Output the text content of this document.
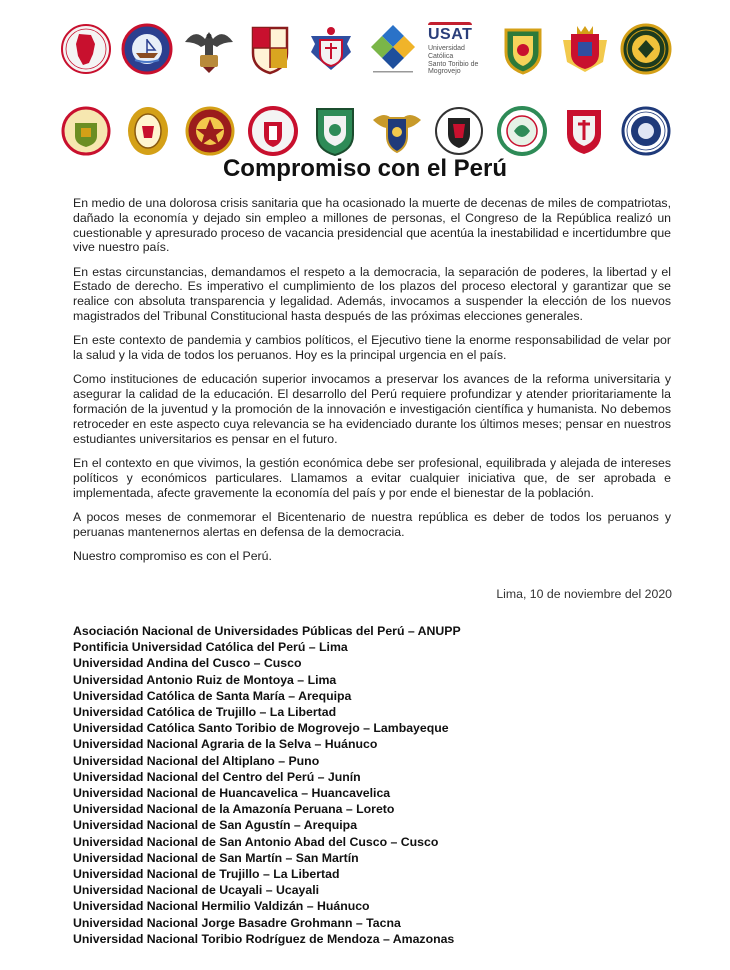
USAT
Universidad Católica
Santo Toribio de Mogrovejo
Compromiso con el Perú

En medio de una dolorosa crisis sanitaria que ha ocasionado la muerte de decenas de miles de compatriotas, dañado la economía y dejado sin empleo a millones de personas, el Congreso de la República realizó un cuestionable y apresurado proceso de vacancia presidencial que acentúa la inestabilidad e incertidumbre que vive nuestro país.

En estas circunstancias, demandamos el respeto a la democracia, la separación de poderes, la libertad y el Estado de derecho. Es imperativo el cumplimiento de los plazos del proceso electoral y garantizar que se realice con absoluta transparencia y legalidad. Además, invocamos a suspender la elección de los nuevos magistrados del Tribunal Constitucional hasta después de las próximas elecciones generales.

En este contexto de pandemia y cambios políticos, el Ejecutivo tiene la enorme responsabilidad de velar por la salud y la vida de todos los peruanos. Hoy es la principal urgencia en el país.

Como instituciones de educación superior invocamos a preservar los avances de la reforma universitaria y asegurar la calidad de la educación. El desarrollo del Perú requiere profundizar y atender prioritariamente la formación de la juventud y la promoción de la innovación e investigación científica y humanista. No debemos retroceder en este aspecto cuya relevancia se ha evidenciado durante los últimos meses; pensar en nuestros estudiantes universitarios es pensar en el futuro.

En el contexto en que vivimos, la gestión económica debe ser profesional, equilibrada y alejada de intereses políticos y económicos particulares. Llamamos a evitar cualquier iniciativa que, de ser aprobada e implementada, afecte gravemente la economía del país y por ende el bienestar de la población.

A pocos meses de conmemorar el Bicentenario de nuestra república es deber de todos los peruanos y peruanas mantenernos alertas en defensa de la democracia.

Nuestro compromiso es con el Perú.

Lima, 10 de noviembre del 2020
Asociación Nacional de Universidades Públicas del Perú – ANUPP
Pontificia Universidad Católica del Perú – Lima
Universidad Andina del Cusco – Cusco
Universidad Antonio Ruiz de Montoya – Lima
Universidad Católica de Santa María – Arequipa
Universidad Católica de Trujillo – La Libertad
Universidad Católica Santo Toribio de Mogrovejo – Lambayeque
Universidad Nacional Agraria de la Selva – Huánuco
Universidad Nacional del Altiplano – Puno
Universidad Nacional del Centro del Perú – Junín
Universidad Nacional de Huancavelica – Huancavelica
Universidad Nacional de la Amazonía Peruana – Loreto
Universidad Nacional de San Agustín – Arequipa
Universidad Nacional de San Antonio Abad del Cusco – Cusco
Universidad Nacional de San Martín – San Martín
Universidad Nacional de Trujillo – La Libertad
Universidad Nacional de Ucayali – Ucayali
Universidad Nacional Hermilio Valdizán – Huánuco
Universidad Nacional Jorge Basadre Grohmann – Tacna
Universidad Nacional Toribio Rodríguez de Mendoza – Amazonas
